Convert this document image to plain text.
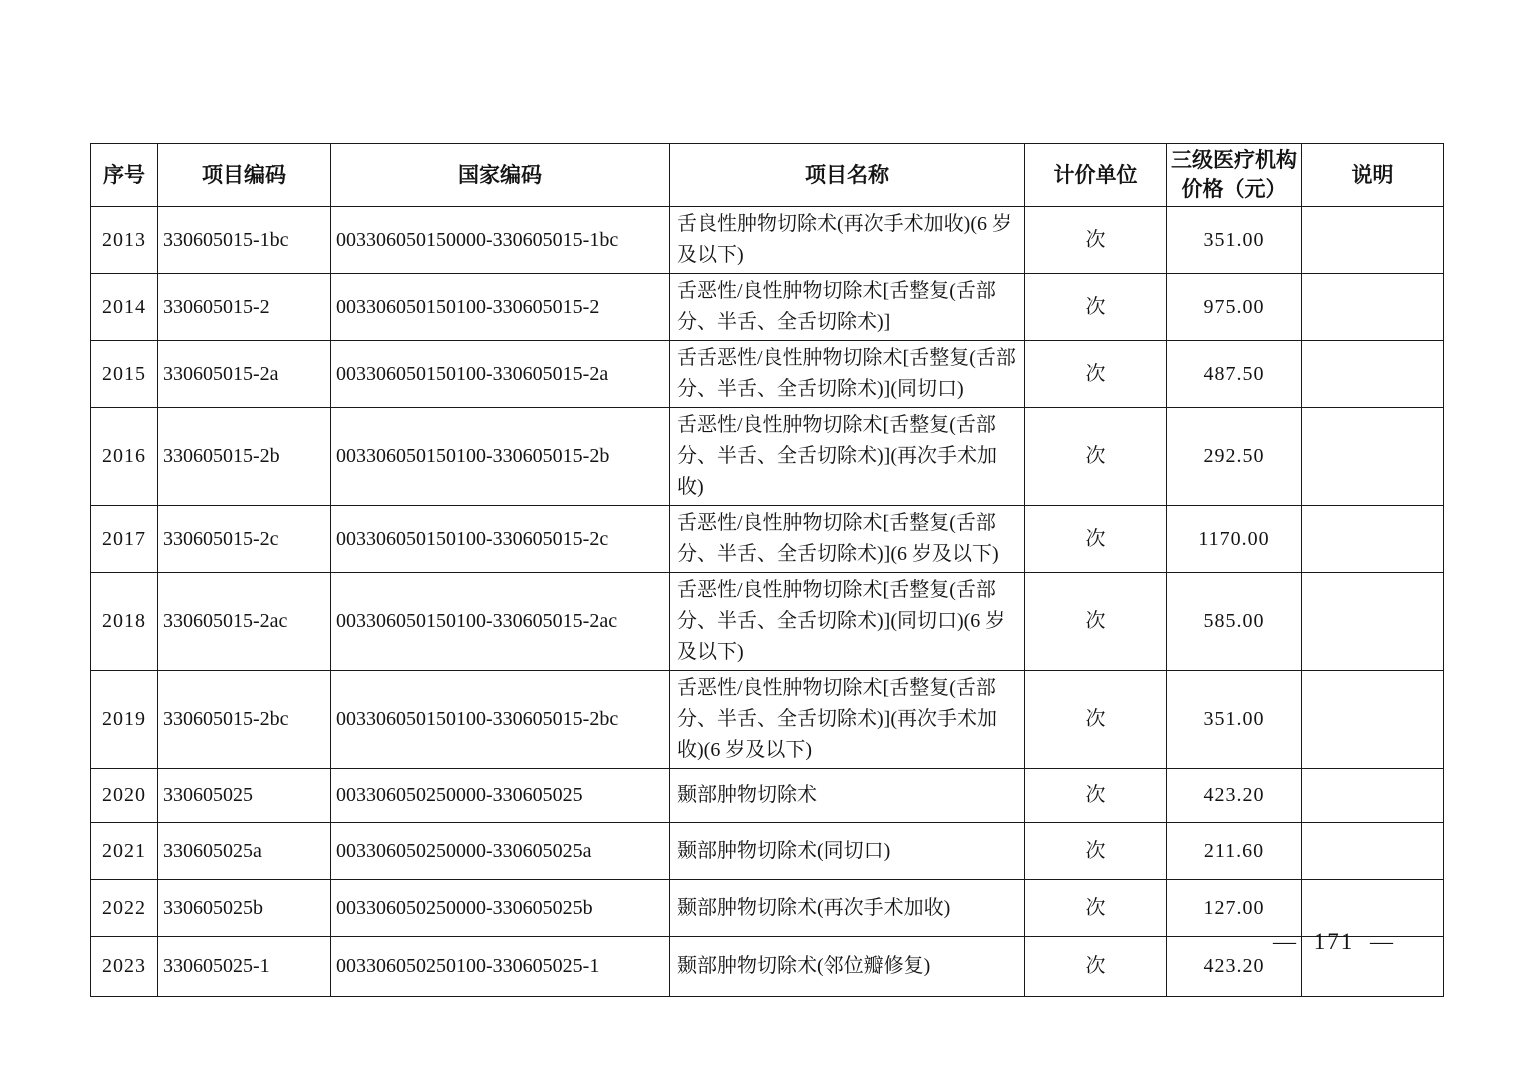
序号	项目编码	国家编码	项目名称	计价单位	三级医疗机构价格（元）	说明
2013	330605015-1bc	003306050150000-330605015-1bc	舌良性肿物切除术(再次手术加收)(6 岁及以下)	次	351.00	
2014	330605015-2	003306050150100-330605015-2	舌恶性/良性肿物切除术[舌整复(舌部分、半舌、全舌切除术)]	次	975.00	
2015	330605015-2a	003306050150100-330605015-2a	舌舌恶性/良性肿物切除术[舌整复(舌部分、半舌、全舌切除术)](同切口)	次	487.50	
2016	330605015-2b	003306050150100-330605015-2b	舌恶性/良性肿物切除术[舌整复(舌部分、半舌、全舌切除术)](再次手术加收)	次	292.50	
2017	330605015-2c	003306050150100-330605015-2c	舌恶性/良性肿物切除术[舌整复(舌部分、半舌、全舌切除术)](6 岁及以下)	次	1170.00	
2018	330605015-2ac	003306050150100-330605015-2ac	舌恶性/良性肿物切除术[舌整复(舌部分、半舌、全舌切除术)](同切口)(6 岁及以下)	次	585.00	
2019	330605015-2bc	003306050150100-330605015-2bc	舌恶性/良性肿物切除术[舌整复(舌部分、半舌、全舌切除术)](再次手术加收)(6 岁及以下)	次	351.00	
2020	330605025	003306050250000-330605025	颞部肿物切除术	次	423.20	
2021	330605025a	003306050250000-330605025a	颞部肿物切除术(同切口)	次	211.60	
2022	330605025b	003306050250000-330605025b	颞部肿物切除术(再次手术加收)	次	127.00	
2023	330605025-1	003306050250100-330605025-1	颞部肿物切除术(邻位瓣修复)	次	423.20	
— 171 —
